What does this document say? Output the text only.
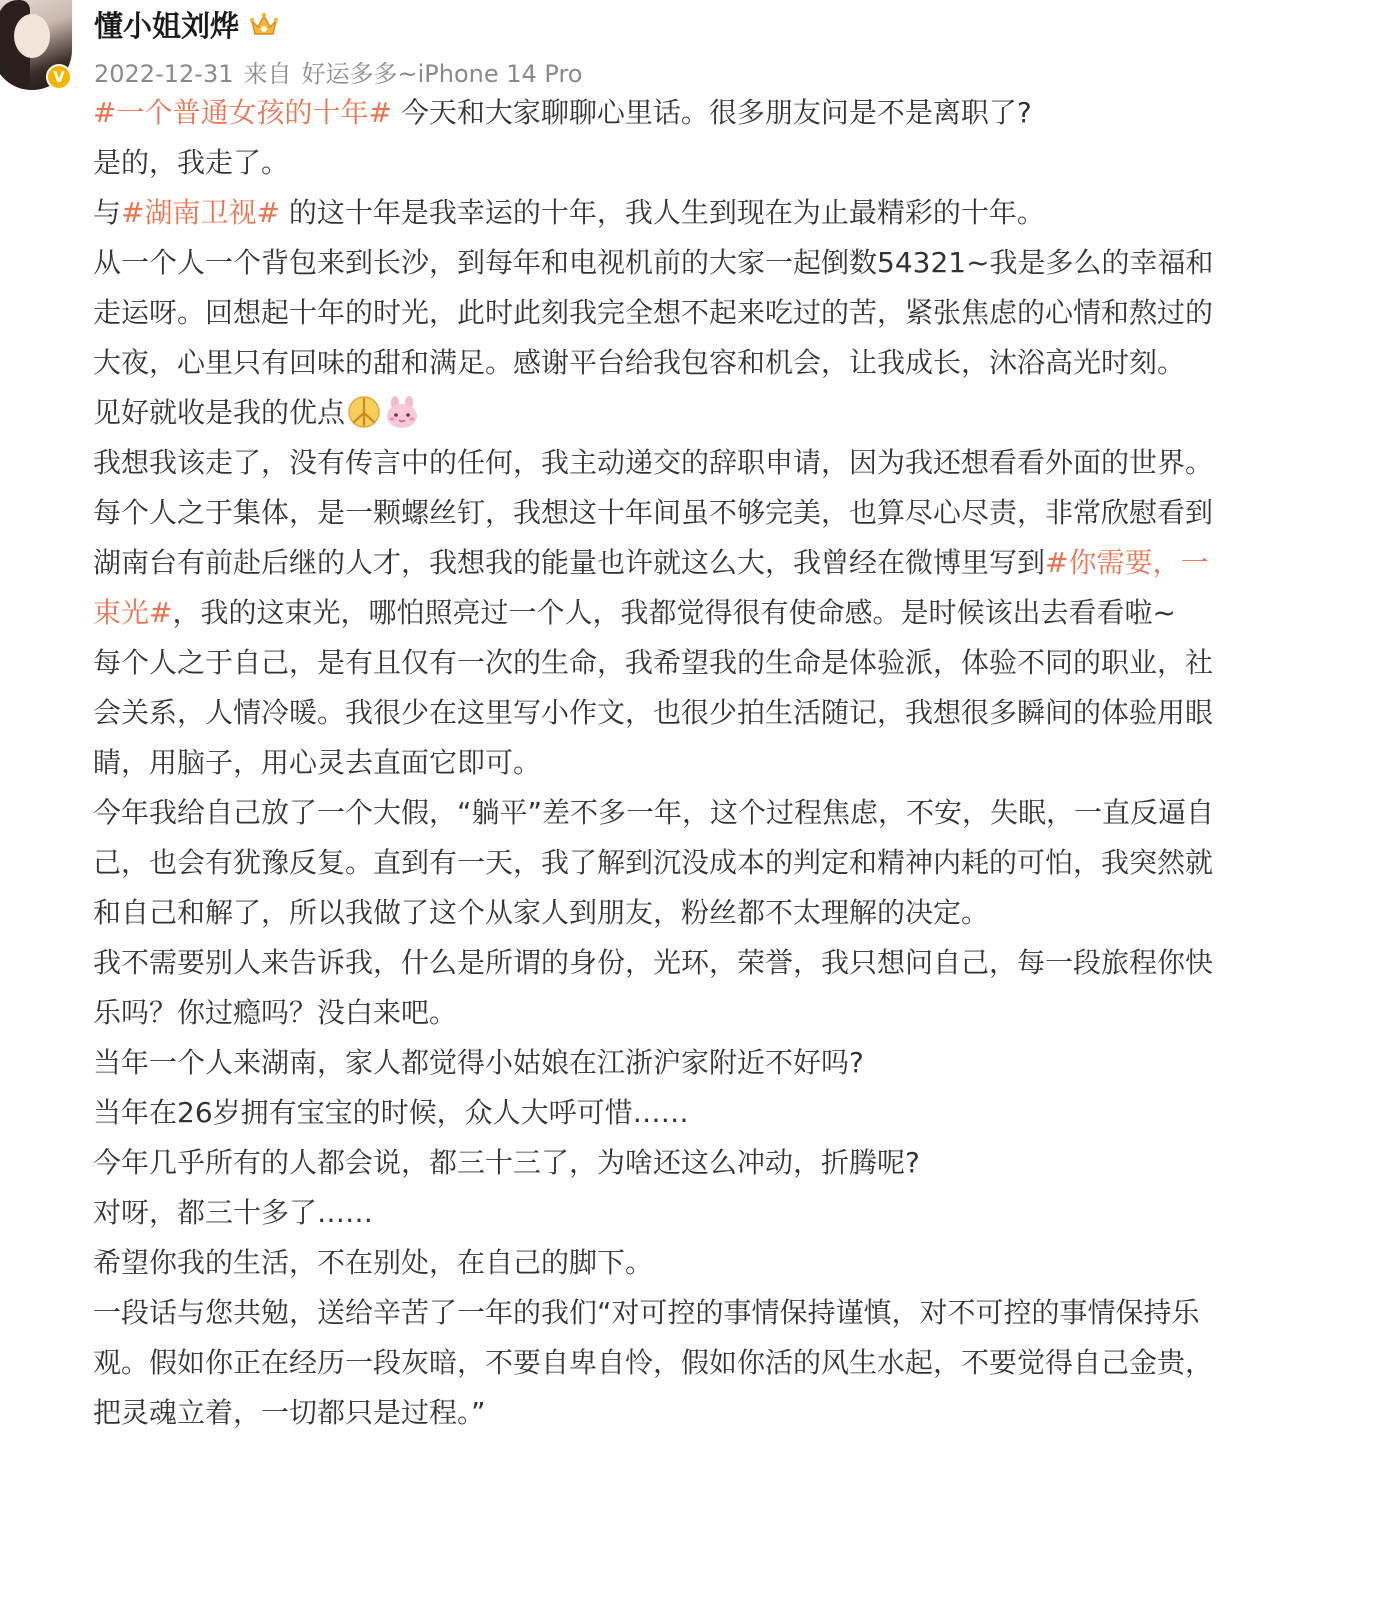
V
懂小姐刘烨
2022-12-31 来自 好运多多~iPhone 14 Pro

#一个普通女孩的十年# 今天和大家聊聊心里话。很多朋友问是不是离职了?

是的，我走了。

与#湖南卫视# 的这十年是我幸运的十年，我人生到现在为止最精彩的十年。

从一个人一个背包来到长沙，到每年和电视机前的大家一起倒数54321~我是多么的幸福和走运呀。回想起十年的时光，此时此刻我完全想不起来吃过的苦，紧张焦虑的心情和熬过的大夜，心里只有回味的甜和满足。感谢平台给我包容和机会，让我成长，沐浴高光时刻。

见好就收是我的优点

我想我该走了，没有传言中的任何，我主动递交的辞职申请，因为我还想看看外面的世界。

每个人之于集体，是一颗螺丝钉，我想这十年间虽不够完美，也算尽心尽责，非常欣慰看到湖南台有前赴后继的人才，我想我的能量也许就这么大，我曾经在微博里写到#你需要，一束光#，我的这束光，哪怕照亮过一个人，我都觉得很有使命感。是时候该出去看看啦~

每个人之于自己，是有且仅有一次的生命，我希望我的生命是体验派，体验不同的职业，社会关系，人情冷暖。我很少在这里写小作文，也很少拍生活随记，我想很多瞬间的体验用眼睛，用脑子，用心灵去直面它即可。

今年我给自己放了一个大假，“躺平”差不多一年，这个过程焦虑，不安，失眠，一直反逼自己，也会有犹豫反复。直到有一天，我了解到沉没成本的判定和精神内耗的可怕，我突然就和自己和解了，所以我做了这个从家人到朋友，粉丝都不太理解的决定。

我不需要别人来告诉我，什么是所谓的身份，光环，荣誉，我只想问自己，每一段旅程你快乐吗？你过瘾吗？没白来吧。

当年一个人来湖南，家人都觉得小姑娘在江浙沪家附近不好吗?

当年在26岁拥有宝宝的时候，众人大呼可惜……

今年几乎所有的人都会说，都三十三了，为啥还这么冲动，折腾呢?

对呀，都三十多了……

希望你我的生活，不在别处，在自己的脚下。

一段话与您共勉，送给辛苦了一年的我们“对可控的事情保持谨慎，对不可控的事情保持乐观。假如你正在经历一段灰暗，不要自卑自怜，假如你活的风生水起，不要觉得自己金贵，把灵魂立着，一切都只是过程。”
